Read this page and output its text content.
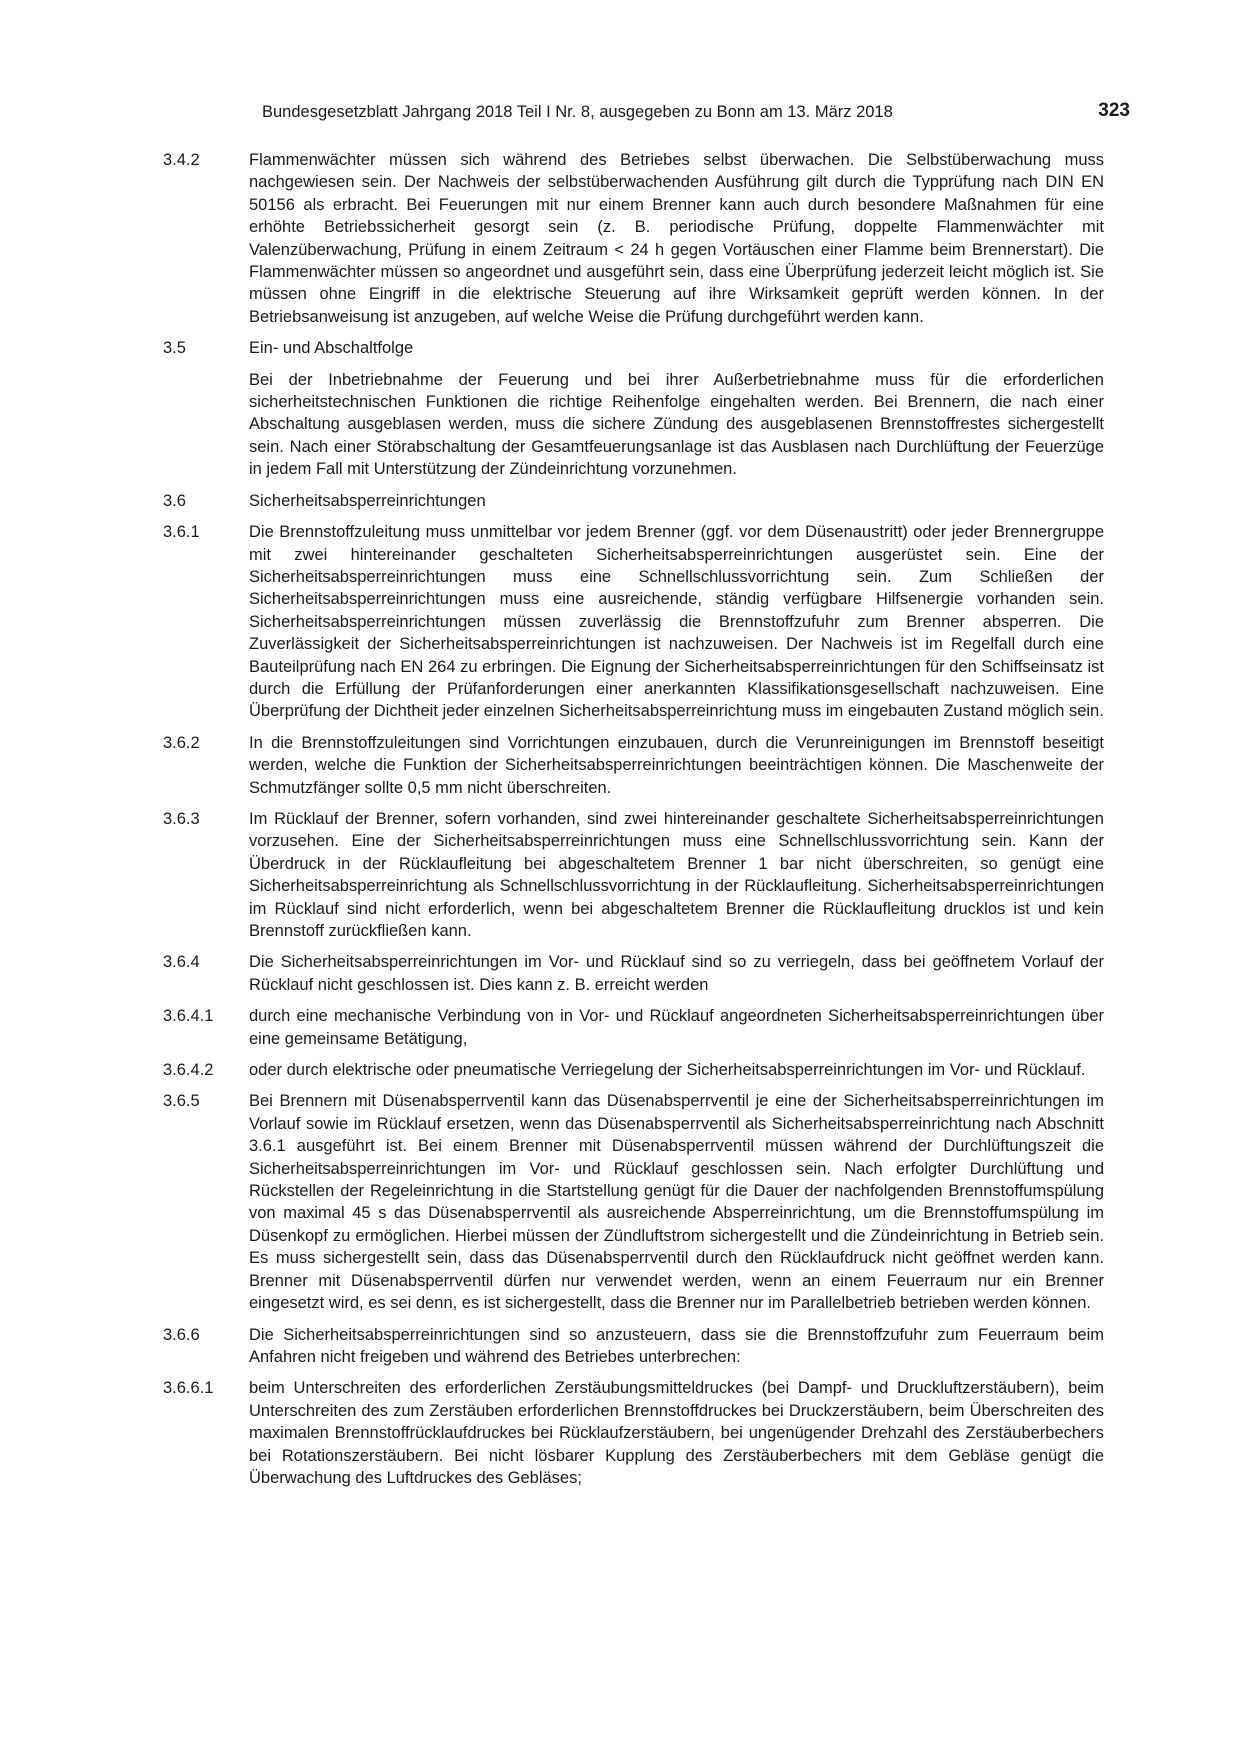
Bundesgesetzblatt Jahrgang 2018 Teil I Nr. 8, ausgegeben zu Bonn am 13. März 2018	323
3.4.2	Flammenwächter müssen sich während des Betriebes selbst überwachen. Die Selbstüberwachung muss nachgewiesen sein. Der Nachweis der selbstüberwachenden Ausführung gilt durch die Typprüfung nach DIN EN 50156 als erbracht. Bei Feuerungen mit nur einem Brenner kann auch durch besondere Maßnahmen für eine erhöhte Betriebssicherheit gesorgt sein (z. B. periodische Prüfung, doppelte Flammenwächter mit Valenzüberwachung, Prüfung in einem Zeitraum < 24 h gegen Vortäuschen einer Flamme beim Brennerstart). Die Flammenwächter müssen so angeordnet und ausgeführt sein, dass eine Überprüfung jederzeit leicht möglich ist. Sie müssen ohne Eingriff in die elektrische Steuerung auf ihre Wirksamkeit geprüft werden können. In der Betriebsanweisung ist anzugeben, auf welche Weise die Prüfung durchgeführt werden kann.

3.5	Ein- und Abschaltfolge

Bei der Inbetriebnahme der Feuerung und bei ihrer Außerbetriebnahme muss für die erforderlichen sicherheitstechnischen Funktionen die richtige Reihenfolge eingehalten werden. Bei Brennern, die nach einer Abschaltung ausgeblasen werden, muss die sichere Zündung des ausgeblasenen Brennstoffrestes sichergestellt sein. Nach einer Störabschaltung der Gesamtfeuerungsanlage ist das Ausblasen nach Durchlüftung der Feuerzüge in jedem Fall mit Unterstützung der Zündeinrichtung vorzunehmen.

3.6	Sicherheitsabsperreinrichtungen

3.6.1	Die Brennstoffzuleitung muss unmittelbar vor jedem Brenner (ggf. vor dem Düsenaustritt) oder jeder Brennergruppe mit zwei hintereinander geschalteten Sicherheitsabsperreinrichtungen ausgerüstet sein. Eine der Sicherheitsabsperreinrichtungen muss eine Schnellschlussvorrichtung sein. Zum Schließen der Sicherheitsabsperreinrichtungen muss eine ausreichende, ständig verfügbare Hilfsenergie vorhanden sein. Sicherheitsabsperreinrichtungen müssen zuverlässig die Brennstoffzufuhr zum Brenner absperren. Die Zuverlässigkeit der Sicherheitsabsperreinrichtungen ist nachzuweisen. Der Nachweis ist im Regelfall durch eine Bauteilprüfung nach EN 264 zu erbringen. Die Eignung der Sicherheitsabsperreinrichtungen für den Schiffseinsatz ist durch die Erfüllung der Prüfanforderungen einer anerkannten Klassifikationsgesellschaft nachzuweisen. Eine Überprüfung der Dichtheit jeder einzelnen Sicherheitsabsperreinrichtung muss im eingebauten Zustand möglich sein.

3.6.2	In die Brennstoffzuleitungen sind Vorrichtungen einzubauen, durch die Verunreinigungen im Brennstoff beseitigt werden, welche die Funktion der Sicherheitsabsperreinrichtungen beeinträchtigen können. Die Maschenweite der Schmutzfänger sollte 0,5 mm nicht überschreiten.

3.6.3	Im Rücklauf der Brenner, sofern vorhanden, sind zwei hintereinander geschaltete Sicherheitsabsperreinrichtungen vorzusehen. Eine der Sicherheitsabsperreinrichtungen muss eine Schnellschlussvorrichtung sein. Kann der Überdruck in der Rücklaufleitung bei abgeschaltetem Brenner 1 bar nicht überschreiten, so genügt eine Sicherheitsabsperreinrichtung als Schnellschlussvorrichtung in der Rücklaufleitung. Sicherheitsabsperreinrichtungen im Rücklauf sind nicht erforderlich, wenn bei abgeschaltetem Brenner die Rücklaufleitung drucklos ist und kein Brennstoff zurückfließen kann.

3.6.4	Die Sicherheitsabsperreinrichtungen im Vor- und Rücklauf sind so zu verriegeln, dass bei geöffnetem Vorlauf der Rücklauf nicht geschlossen ist. Dies kann z. B. erreicht werden

3.6.4.1	durch eine mechanische Verbindung von in Vor- und Rücklauf angeordneten Sicherheitsabsperreinrichtungen über eine gemeinsame Betätigung,

3.6.4.2	oder durch elektrische oder pneumatische Verriegelung der Sicherheitsabsperreinrichtungen im Vor- und Rücklauf.

3.6.5	Bei Brennern mit Düsenabsperrventil kann das Düsenabsperrventil je eine der Sicherheitsabsperreinrichtungen im Vorlauf sowie im Rücklauf ersetzen, wenn das Düsenabsperrventil als Sicherheitsabsperreinrichtung nach Abschnitt 3.6.1 ausgeführt ist. Bei einem Brenner mit Düsenabsperrventil müssen während der Durchlüftungszeit die Sicherheitsabsperreinrichtungen im Vor- und Rücklauf geschlossen sein. Nach erfolgter Durchlüftung und Rückstellen der Regeleinrichtung in die Startstellung genügt für die Dauer der nachfolgenden Brennstoffumspülung von maximal 45 s das Düsenabsperrventil als ausreichende Absperreinrichtung, um die Brennstoffumspülung im Düsenkopf zu ermöglichen. Hierbei müssen der Zündluftstrom sichergestellt und die Zündeinrichtung in Betrieb sein. Es muss sichergestellt sein, dass das Düsenabsperrventil durch den Rücklaufdruck nicht geöffnet werden kann. Brenner mit Düsenabsperrventil dürfen nur verwendet werden, wenn an einem Feuerraum nur ein Brenner eingesetzt wird, es sei denn, es ist sichergestellt, dass die Brenner nur im Parallelbetrieb betrieben werden können.

3.6.6	Die Sicherheitsabsperreinrichtungen sind so anzusteuern, dass sie die Brennstoffzufuhr zum Feuerraum beim Anfahren nicht freigeben und während des Betriebes unterbrechen:

3.6.6.1	beim Unterschreiten des erforderlichen Zerstäubungsmitteldruckes (bei Dampf- und Druckluftzerstäubern), beim Unterschreiten des zum Zerstäuben erforderlichen Brennstoffdruckes bei Druckzerstäubern, beim Überschreiten des maximalen Brennstoffrücklaufdruckes bei Rücklaufzerstäubern, bei ungenügender Drehzahl des Zerstäuberbechers bei Rotationszerstäubern. Bei nicht lösbarer Kupplung des Zerstäuberbechers mit dem Gebläse genügt die Überwachung des Luftdruckes des Gebläses;
